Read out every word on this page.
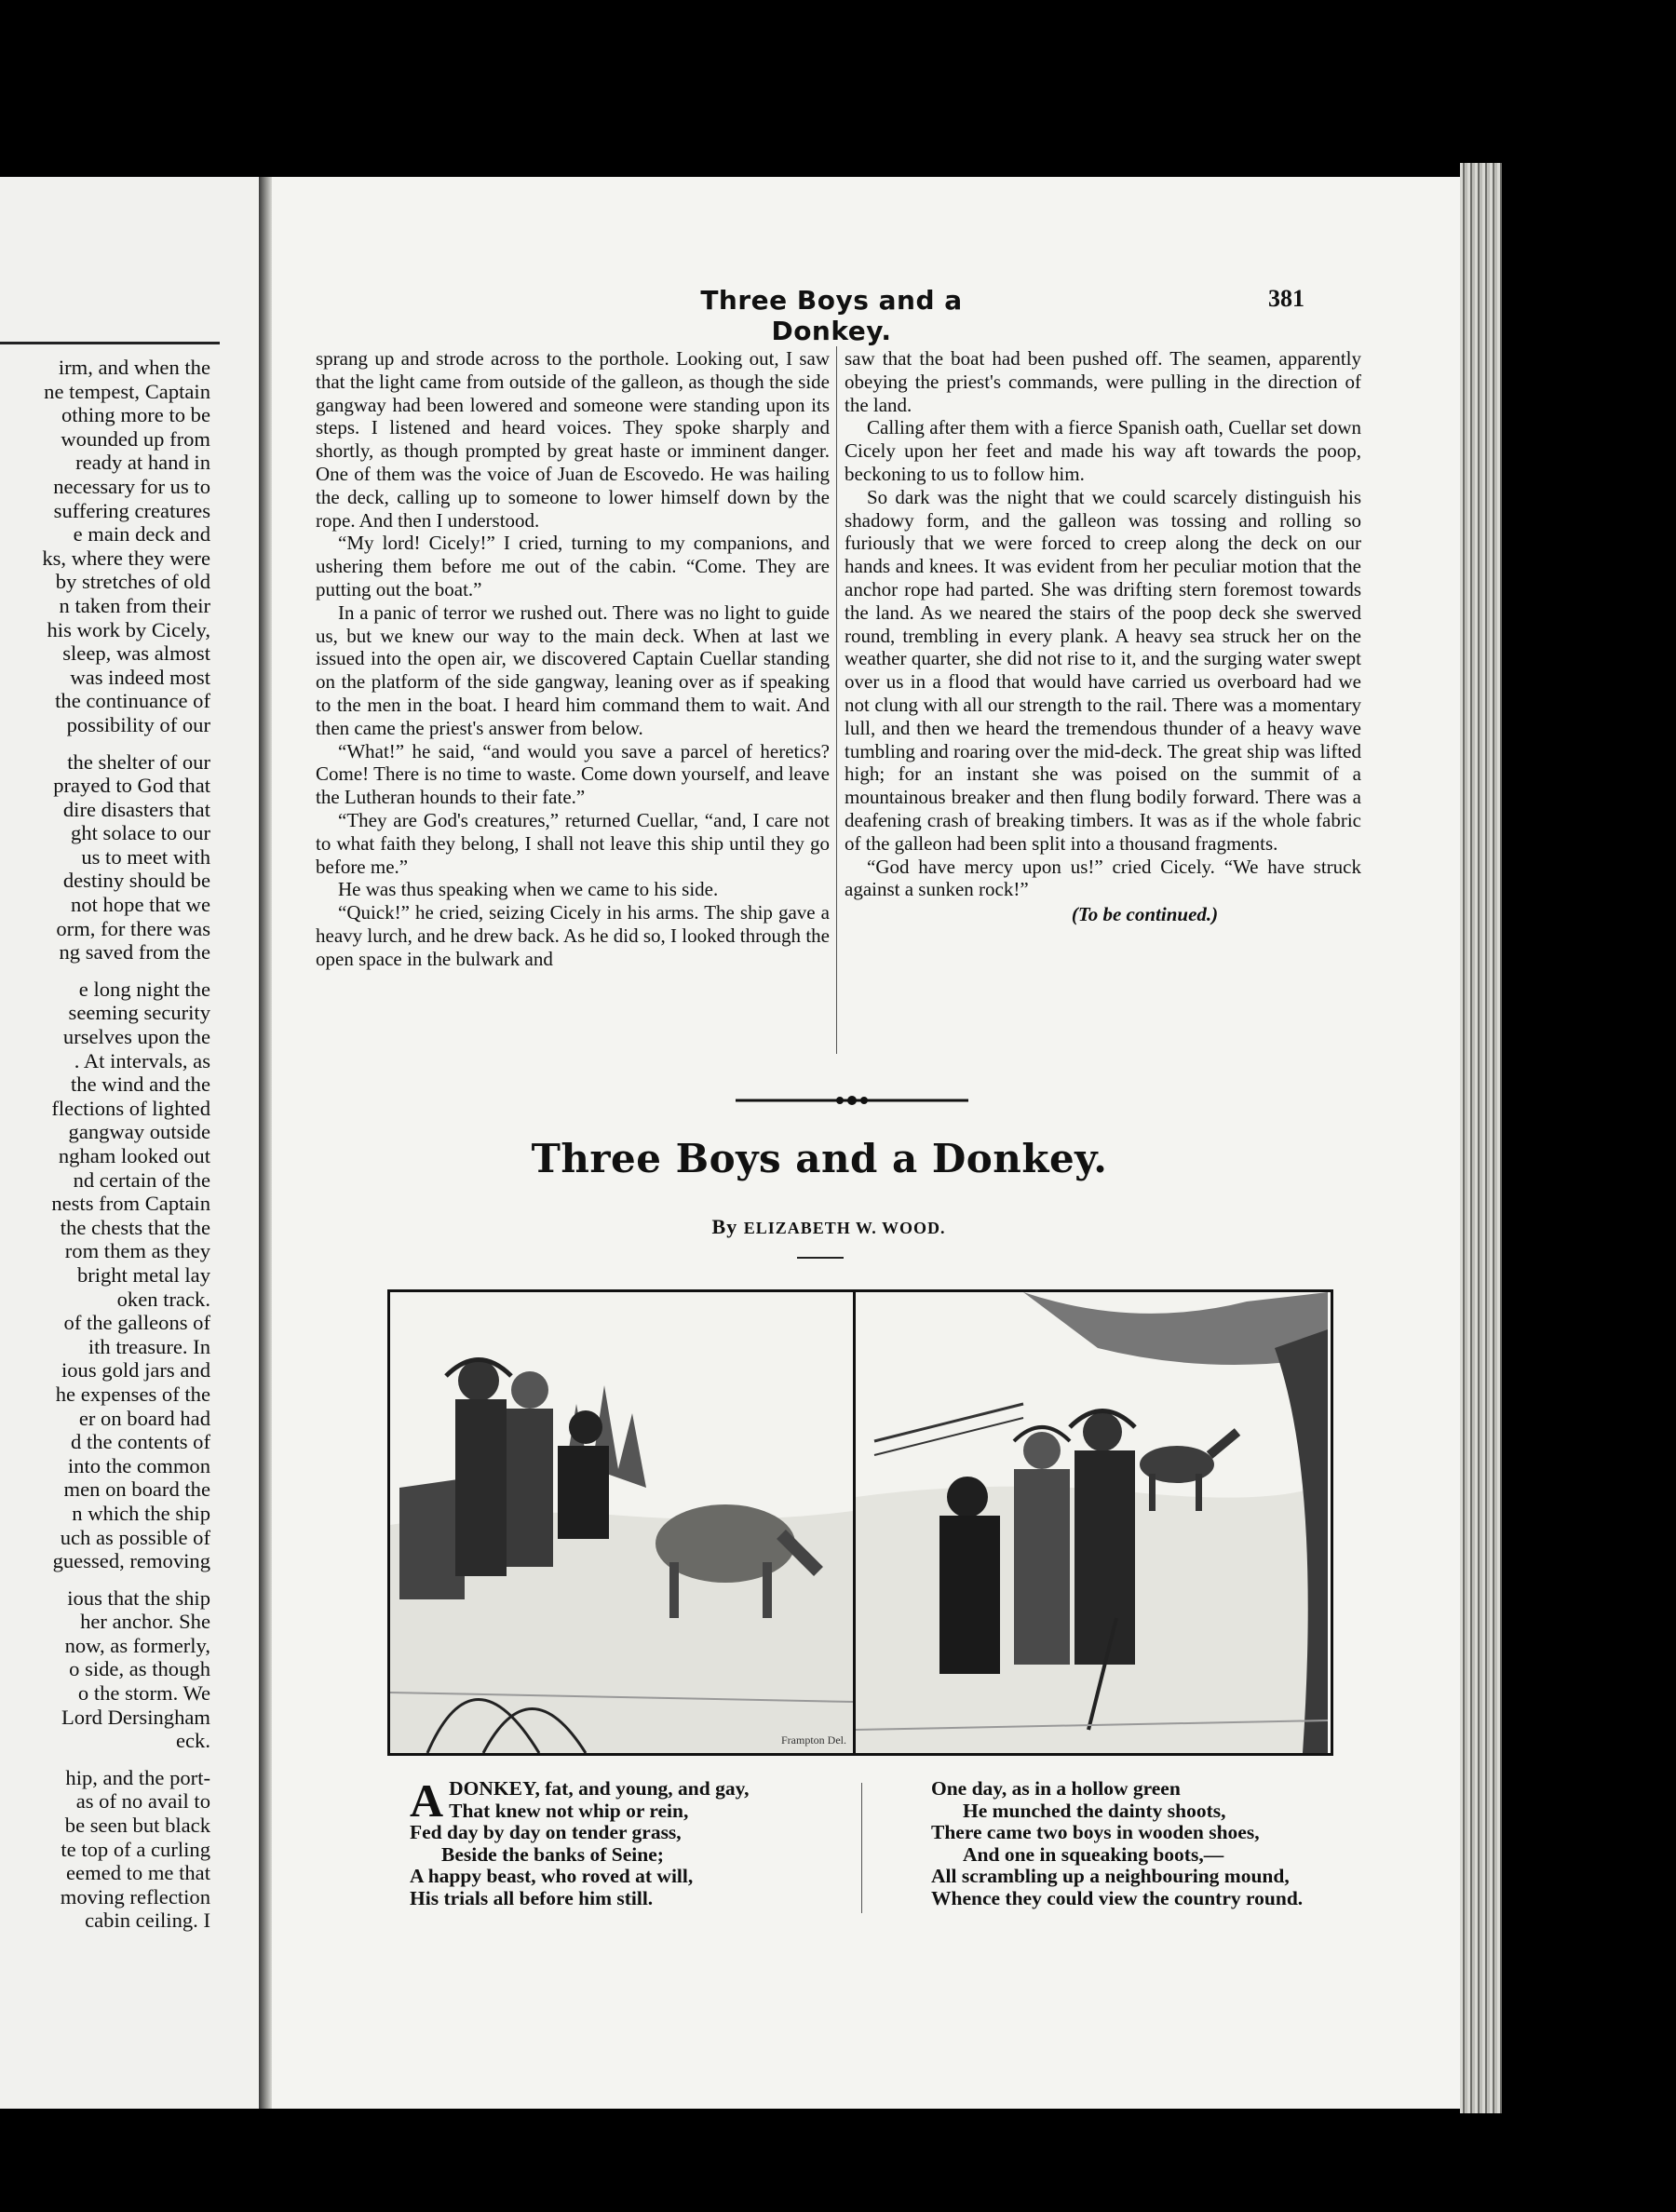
irm, and when the
ne tempest, Captain
othing more to be
wounded up from
ready at hand in
necessary for us to
suffering creatures
e main deck and
ks, where they were
by stretches of old
n taken from their
his work by Cicely,
sleep, was almost
was indeed most
the continuance of
possibility of our

the shelter of our
prayed to God that
dire disasters that
ght solace to our
us to meet with
destiny should be
not hope that we
orm, for there was
ng saved from the

e long night the
seeming security
urselves upon the
. At intervals, as
the wind and the
flections of lighted
gangway outside
ngham looked out
nd certain of the
nests from Captain
the chests that the
rom them as they
bright metal lay
oken track.
of the galleons of
ith treasure. In
ious gold jars and
he expenses of the
er on board had
d the contents of
into the common
men on board the
n which the ship
uch as possible of
guessed, removing

ious that the ship
her anchor. She
now, as formerly,
o side, as though
o the storm. We
Lord Dersingham
eck.

hip, and the port-
as of no avail to
be seen but black
te top of a curling
eemed to me that
moving reflection
cabin ceiling. I

Three Boys and a Donkey.
381

sprang up and strode across to the porthole. Looking out, I saw that the light came from outside of the galleon, as though the side gangway had been lowered and someone were standing upon its steps. I listened and heard voices. They spoke sharply and shortly, as though prompted by great haste or imminent danger. One of them was the voice of Juan de Escovedo. He was hailing the deck, calling up to someone to lower himself down by the rope. And then I understood.

“My lord! Cicely!” I cried, turning to my companions, and ushering them before me out of the cabin. “Come. They are putting out the boat.”

In a panic of terror we rushed out. There was no light to guide us, but we knew our way to the main deck. When at last we issued into the open air, we discovered Captain Cuellar standing on the platform of the side gangway, leaning over as if speaking to the men in the boat. I heard him command them to wait. And then came the priest's answer from below.

“What!” he said, “and would you save a parcel of heretics? Come! There is no time to waste. Come down yourself, and leave the Lutheran hounds to their fate.”

“They are God's creatures,” returned Cuellar, “and, I care not to what faith they belong, I shall not leave this ship until they go before me.”

He was thus speaking when we came to his side.

“Quick!” he cried, seizing Cicely in his arms. The ship gave a heavy lurch, and he drew back. As he did so, I looked through the open space in the bulwark and

saw that the boat had been pushed off. The seamen, apparently obeying the priest's commands, were pulling in the direction of the land.

Calling after them with a fierce Spanish oath, Cuellar set down Cicely upon her feet and made his way aft towards the poop, beckoning to us to follow him.

So dark was the night that we could scarcely distinguish his shadowy form, and the galleon was tossing and rolling so furiously that we were forced to creep along the deck on our hands and knees. It was evident from her peculiar motion that the anchor rope had parted. She was drifting stern foremost towards the land. As we neared the stairs of the poop deck she swerved round, trembling in every plank. A heavy sea struck her on the weather quarter, she did not rise to it, and the surging water swept over us in a flood that would have carried us overboard had we not clung with all our strength to the rail. There was a momentary lull, and then we heard the tremendous thunder of a heavy wave tumbling and roaring over the mid-deck. The great ship was lifted high; for an instant she was poised on the summit of a mountainous breaker and then flung bodily forward. There was a deafening crash of breaking timbers. It was as if the whole fabric of the galleon had been split into a thousand fragments.

“God have mercy upon us!” cried Cicely. “We have struck against a sunken rock!”

(To be continued.)
Three Boys and a Donkey.
By ELIZABETH W. WOOD.
Frampton Del.
A DONKEY, fat, and young, and gay,
That knew not whip or rein,
Fed day by day on tender grass,
Beside the banks of Seine;
A happy beast, who roved at will,
His trials all before him still.
One day, as in a hollow green
He munched the dainty shoots,
There came two boys in wooden shoes,
And one in squeaking boots,—
All scrambling up a neighbouring mound,
Whence they could view the country round.
